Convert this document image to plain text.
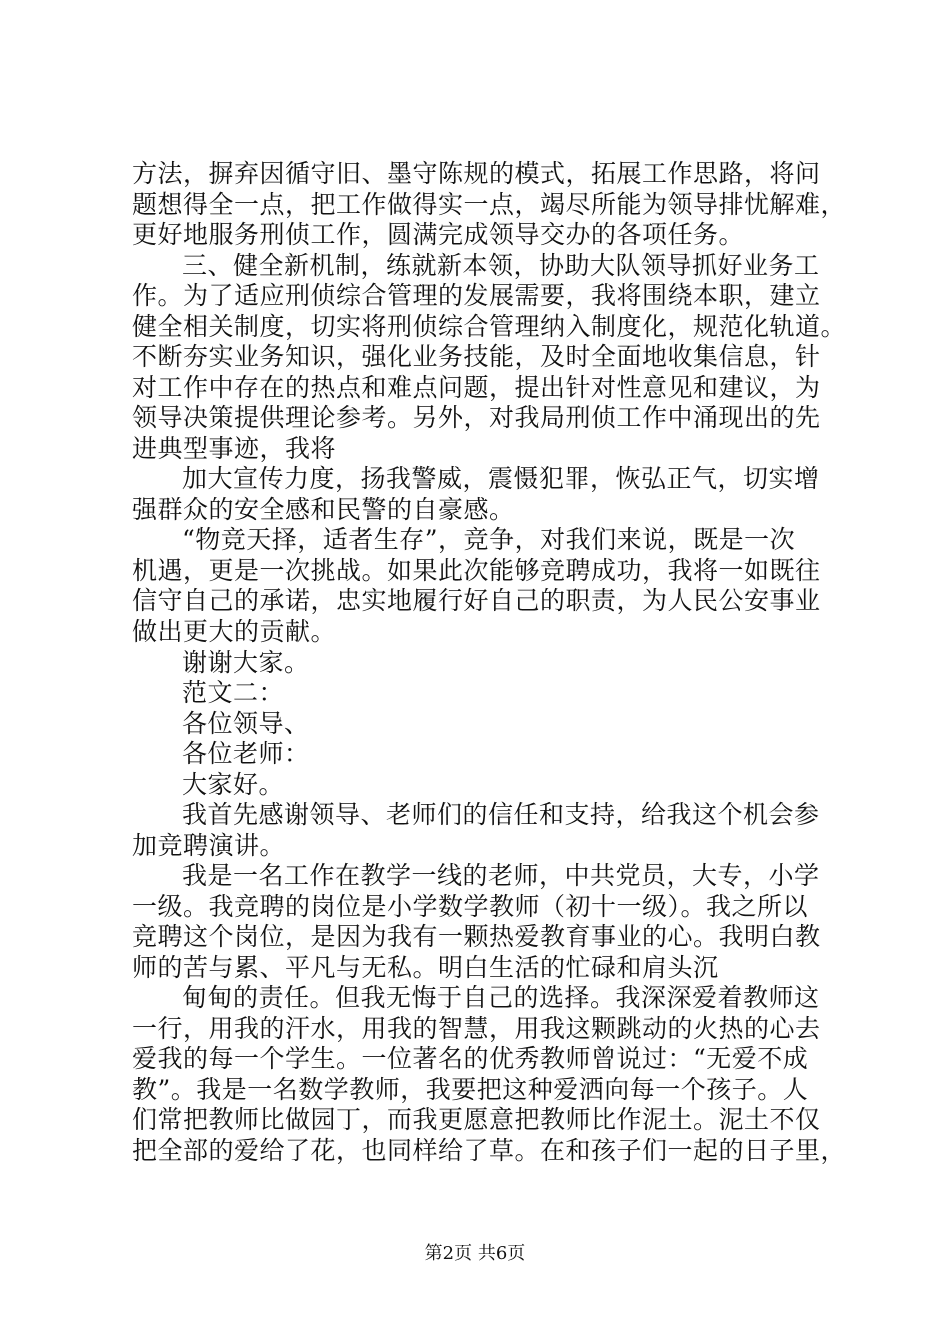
方法，摒弃因循守旧、墨守陈规的模式，拓展工作思路，将问
题想得全一点，把工作做得实一点，竭尽所能为领导排忧解难，
更好地服务刑侦工作，圆满完成领导交办的各项任务。
三、健全新机制，练就新本领，协助大队领导抓好业务工
作。为了适应刑侦综合管理的发展需要，我将围绕本职，建立
健全相关制度，切实将刑侦综合管理纳入制度化，规范化轨道。
不断夯实业务知识，强化业务技能，及时全面地收集信息，针
对工作中存在的热点和难点问题，提出针对性意见和建议，为
领导决策提供理论参考。另外，对我局刑侦工作中涌现出的先
进典型事迹，我将
加大宣传力度，扬我警威，震慑犯罪，恢弘正气，切实增
强群众的安全感和民警的自豪感。
“物竞天择，适者生存”，竞争，对我们来说，既是一次
机遇，更是一次挑战。如果此次能够竞聘成功，我将一如既往
信守自己的承诺，忠实地履行好自己的职责，为人民公安事业
做出更大的贡献。
谢谢大家。
范文二：
各位领导、
各位老师：
大家好。
我首先感谢领导、老师们的信任和支持，给我这个机会参
加竞聘演讲。
我是一名工作在教学一线的老师，中共党员，大专，小学
一级。我竞聘的岗位是小学数学教师（初十一级）。我之所以
竞聘这个岗位，是因为我有一颗热爱教育事业的心。我明白教
师的苦与累、平凡与无私。明白生活的忙碌和肩头沉
甸甸的责任。但我无悔于自己的选择。我深深爱着教师这
一行，用我的汗水，用我的智慧，用我这颗跳动的火热的心去
爱我的每一个学生。一位著名的优秀教师曾说过：“无爱不成
教”。我是一名数学教师，我要把这种爱洒向每一个孩子。人
们常把教师比做园丁，而我更愿意把教师比作泥土。泥土不仅
把全部的爱给了花，也同样给了草。在和孩子们一起的日子里，
第2页 共6页
